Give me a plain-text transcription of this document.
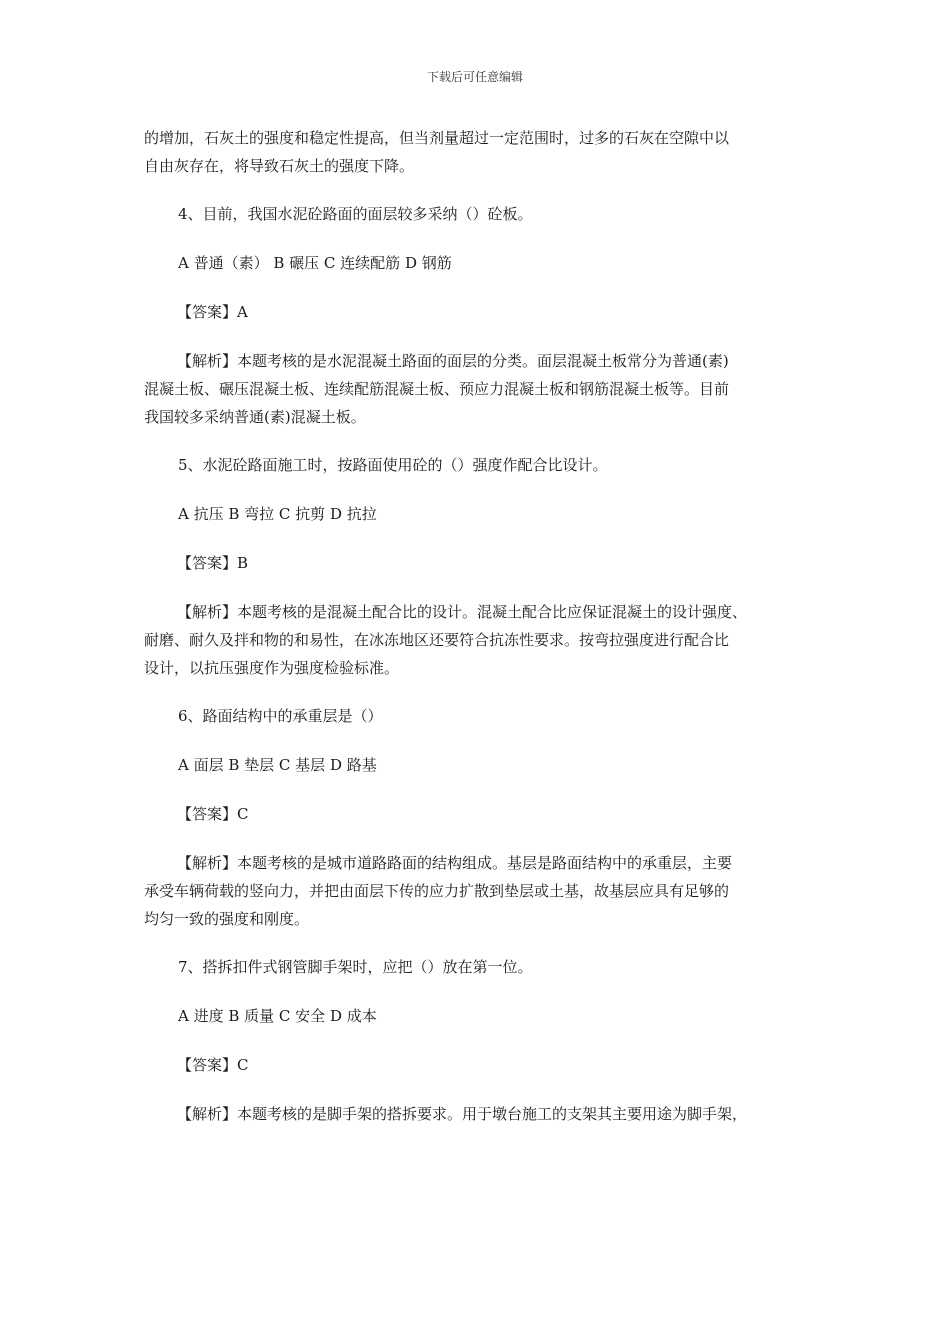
下载后可任意编辑
的增加，石灰土的强度和稳定性提高，但当剂量超过一定范围时，过多的石灰在空隙中以
自由灰存在，将导致石灰土的强度下降。
4、目前，我国水泥砼路面的面层较多采纳（）砼板。
A 普通（素） B 碾压 C 连续配筋 D 钢筋
【答案】A
【解析】本题考核的是水泥混凝土路面的面层的分类。面层混凝土板常分为普通(素)
混凝土板、碾压混凝土板、连续配筋混凝土板、预应力混凝土板和钢筋混凝土板等。目前
我国较多采纳普通(素)混凝土板。
5、水泥砼路面施工时，按路面使用砼的（）强度作配合比设计。
A 抗压 B 弯拉 C 抗剪 D 抗拉
【答案】B
【解析】本题考核的是混凝土配合比的设计。混凝土配合比应保证混凝土的设计强度、
耐磨、耐久及拌和物的和易性，在冰冻地区还要符合抗冻性要求。按弯拉强度进行配合比
设计，以抗压强度作为强度检验标准。
6、路面结构中的承重层是（）
A 面层 B 垫层 C 基层 D 路基
【答案】C
【解析】本题考核的是城市道路路面的结构组成。基层是路面结构中的承重层，主要
承受车辆荷载的竖向力，并把由面层下传的应力扩散到垫层或土基，故基层应具有足够的
均匀一致的强度和刚度。
7、搭拆扣件式钢管脚手架时，应把（）放在第一位。
A 进度 B 质量 C 安全 D 成本
【答案】C
【解析】本题考核的是脚手架的搭拆要求。用于墩台施工的支架其主要用途为脚手架，
